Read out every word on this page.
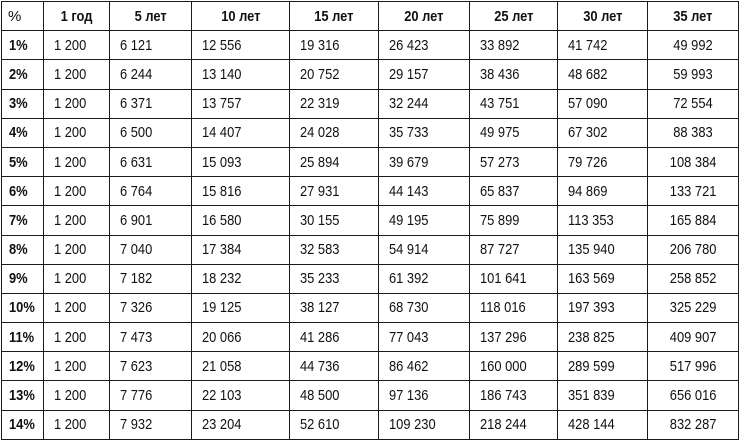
%	1 год	5 лет	10 лет	15 лет	20 лет	25 лет	30 лет	35 лет
1%	1 200	6 121	12 556	19 316	26 423	33 892	41 742	49 992
2%	1 200	6 244	13 140	20 752	29 157	38 436	48 682	59 993
3%	1 200	6 371	13 757	22 319	32 244	43 751	57 090	72 554
4%	1 200	6 500	14 407	24 028	35 733	49 975	67 302	88 383
5%	1 200	6 631	15 093	25 894	39 679	57 273	79 726	108 384
6%	1 200	6 764	15 816	27 931	44 143	65 837	94 869	133 721
7%	1 200	6 901	16 580	30 155	49 195	75 899	113 353	165 884
8%	1 200	7 040	17 384	32 583	54 914	87 727	135 940	206 780
9%	1 200	7 182	18 232	35 233	61 392	101 641	163 569	258 852
10%	1 200	7 326	19 125	38 127	68 730	118 016	197 393	325 229
11%	1 200	7 473	20 066	41 286	77 043	137 296	238 825	409 907
12%	1 200	7 623	21 058	44 736	86 462	160 000	289 599	517 996
13%	1 200	7 776	22 103	48 500	97 136	186 743	351 839	656 016
14%	1 200	7 932	23 204	52 610	109 230	218 244	428 144	832 287
